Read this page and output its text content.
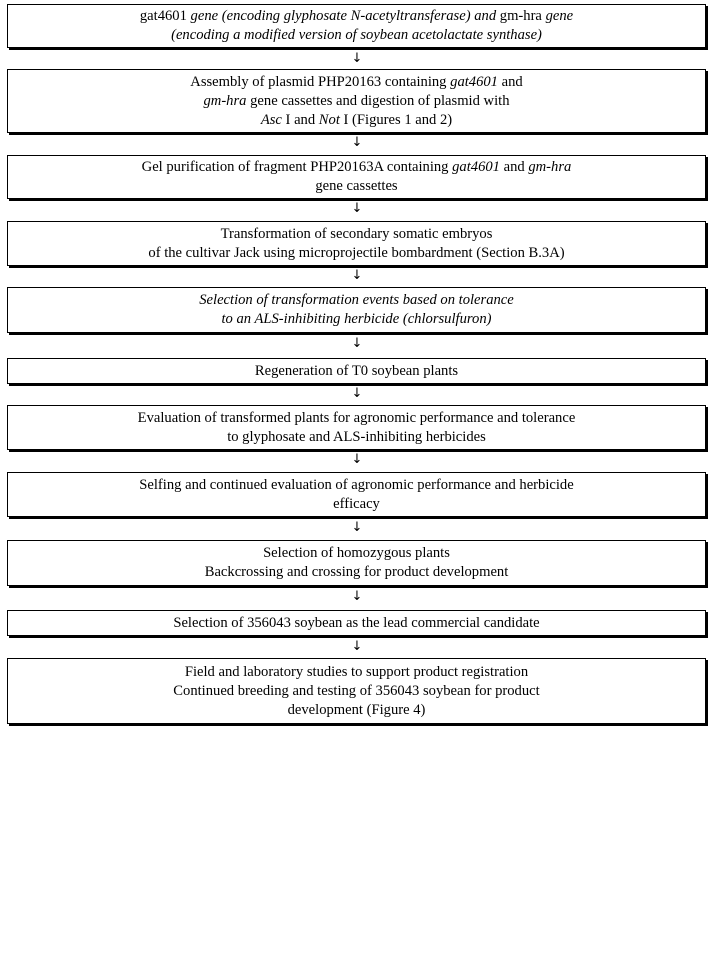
gat4601 gene (encoding glyphosate N-acetyltransferase) and gm-hra gene
(encoding a modified version of soybean acetolactate synthase)
↓
Assembly of plasmid PHP20163 containing gat4601 and
gm-hra gene cassettes and digestion of plasmid with
Asc I and Not I (Figures 1 and 2)
↓
Gel purification of fragment PHP20163A containing gat4601 and gm-hra
gene cassettes
↓
Transformation of secondary somatic embryos
of the cultivar Jack using microprojectile bombardment (Section B.3A)
↓
Selection of transformation events based on tolerance
to an ALS-inhibiting herbicide (chlorsulfuron)
↓
Regeneration of T0 soybean plants
↓
Evaluation of transformed plants for agronomic performance and tolerance
to glyphosate and ALS-inhibiting herbicides
↓
Selfing and continued evaluation of agronomic performance and herbicide
efficacy
↓
Selection of homozygous plants
Backcrossing and crossing for product development
↓
Selection of 356043 soybean as the lead commercial candidate
↓
Field and laboratory studies to support product registration
Continued breeding and testing of 356043 soybean for product
development (Figure 4)
